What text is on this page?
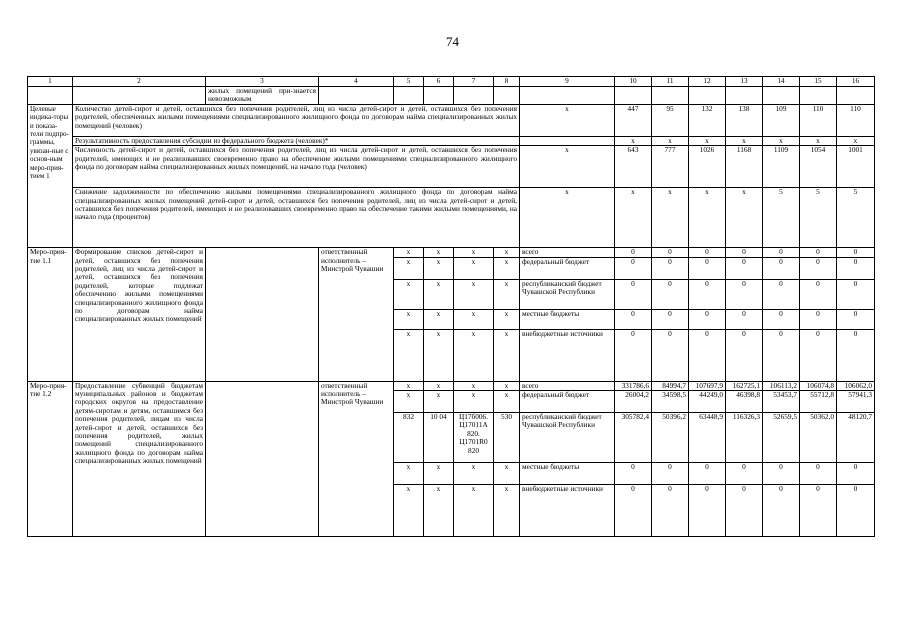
74
1	2	3	4	5	6	7	8	9	10	11	12	13	14	15	16
		жилых помещений при-знается невозможным													
Целевые индика-торы и показа-тели подпро-граммы, увязан-ные с основ-ным меро-прия-тием 1	Количество детей-сирот и детей, оставшихся без попечения родителей, лиц из числа детей-сирот и детей, оставшихся без попечения родителей, обеспеченных жилыми помещениями специализированного жилищного фонда по договорам найма специализированных жилых помещений (человек)							x	447	95	132	138	109	110	110
	Результативность предоставления субсидии из федерального бюджета (человек)*								x	x	x	x	x	x	x
	Численность детей-сирот и детей, оставшихся без попечения родителей, лиц из числа детей-сирот и детей, оставшихся без попечения родителей, имеющих и не реализовавших своевременно право на обеспечение жилыми помещениями специализированного жилищного фонда по договорам найма специализированных жилых помещений, на начало года (человек)							x	643	777	1026	1168	1109	1054	1001
	Снижение задолженности по обеспечению жилыми помещениями специализированного жилищного фонда по договорам найма специализированных жилых помещений детей-сирот и детей, оставшихся без попечения родителей, лиц из числа детей-сирот и детей, оставшихся без попечения родителей, имеющих и не реализовавших своевременно право на обеспечение такими жилыми помещениями, на начало года (процентов)							x	x	x	x	x	5	5	5
Меро-прия-тие 1.1	Формирование списков детей-сирот и детей, оставшихся без попечения родителей, лиц из числа детей-сирот и детей, оставшихся без попечения родителей, которые подлежат обеспечению жилыми помещениями специализированного жилищного фонда по договорам найма специализированных жилых помещений		ответственный исполнитель – Минстрой Чувашии	x	x	x	x	всего	0	0	0	0	0	0	0
				x	x	x	x	федеральный бюджет	0	0	0	0	0	0	0
				x	x	x	x	республиканский бюджет Чувашской Республики	0	0	0	0	0	0	0
				x	x	x	x	местные бюджеты	0	0	0	0	0	0	0
				x	x	x	x	внебюджетные источники	0	0	0	0	0	0	0
Меро-прия-тие 1.2	Предоставление субвенций бюджетам муниципальных районов и бюджетам городских округов на предоставление детям-сиротам и детям, оставшимся без попечения родителей, лицам из числа детей-сирот и детей, оставшихся без попечения родителей, жилых помещений специализированного жилищного фонда по договорам найма специализированных жилых помещений		ответственный исполнитель – Минстрой Чувашии	x	x	x	x	всего	331786,6	84994,7	107697,9	162725,1	106113,2	106074,8	106062,0
				x	x	x	x	федеральный бюджет	26004,2	34598,5	44249,0	46398,8	53453,7	55712,8	57941,3
				832	10 04	Ц17б006. Ц17011А 820. Ц1701R0 820	530	республиканский бюджет Чувашской Республики	305782,4	50396,2	63448,9	116326,3	52659,5	50362,0	48120,7
				x	x	x	x	местные бюджеты	0	0	0	0	0	0	0
				x	x	x	x	внебюджетные источники	0	0	0	0	0	0	0
